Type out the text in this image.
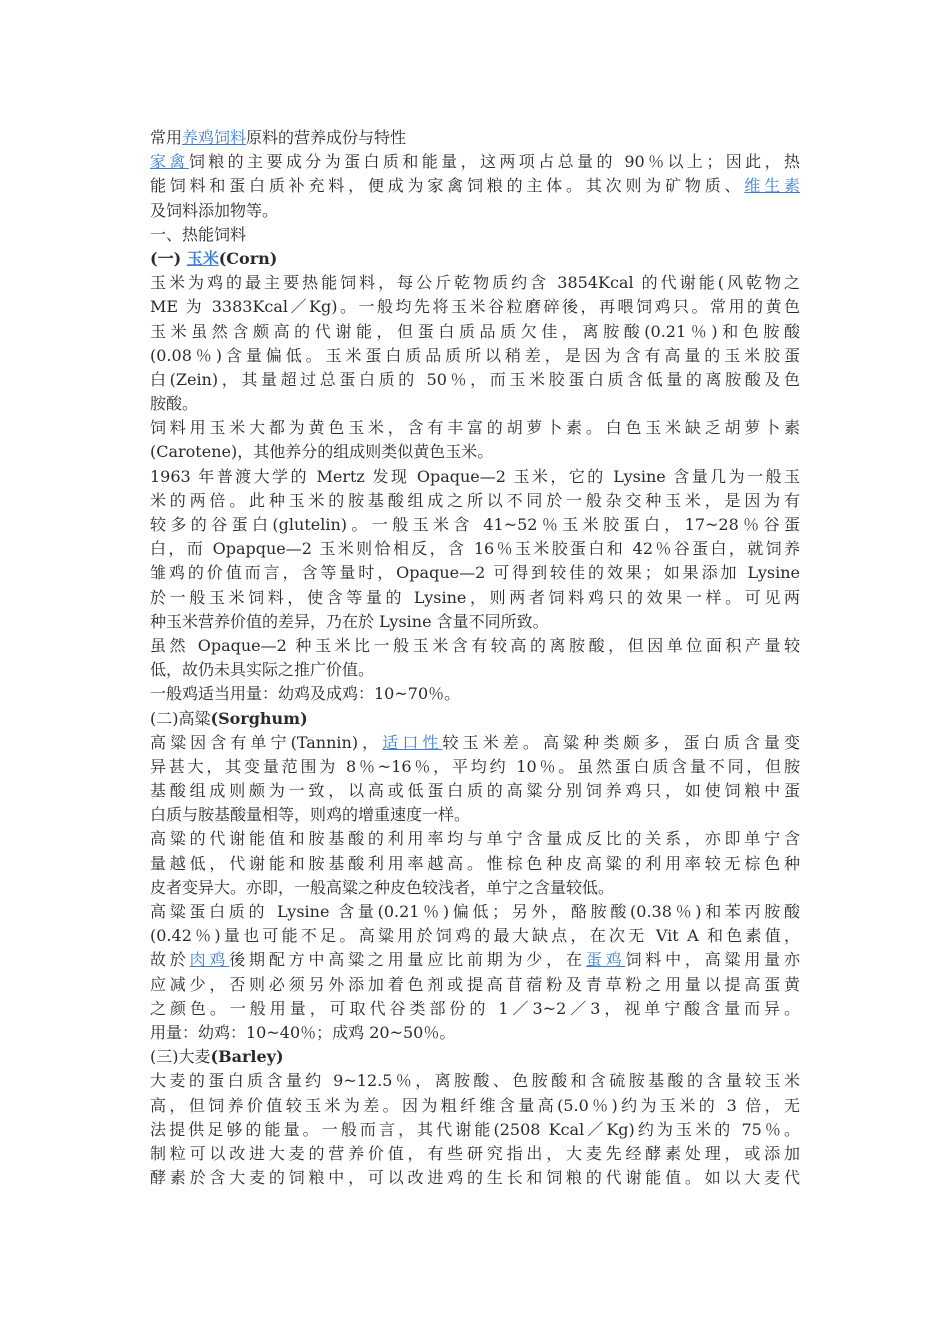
常用养鸡饲料原料的营养成份与特性
家禽饲粮的主要成分为蛋白质和能量，这两项占总量的 90％以上；因此，热
能饲料和蛋白质补充料，便成为家禽饲粮的主体。其次则为矿物质、维生素
及饲料添加物等。
一、热能饲料
(一) 玉米(Corn)
玉米为鸡的最主要热能饲料，每公斤乾物质约含 3854Kcal 的代谢能(风乾物之
ME 为 3383Kcal／Kg)。一般均先将玉米谷粒磨碎後，再喂饲鸡只。常用的黄色
玉米虽然含颇高的代谢能，但蛋白质品质欠佳，离胺酸(0.21％)和色胺酸
(0.08％)含量偏低。玉米蛋白质品质所以稍差，是因为含有高量的玉米胶蛋
白(Zein)，其量超过总蛋白质的 50％，而玉米胶蛋白质含低量的离胺酸及色
胺酸。
饲料用玉米大都为黄色玉米，含有丰富的胡萝卜素。白色玉米缺乏胡萝卜素
(Carotene)，其他养分的组成则类似黄色玉米。
1963 年普渡大学的 Mertz 发现 Opaque—2 玉米，它的 Lysine 含量几为一般玉
米的两倍。此种玉米的胺基酸组成之所以不同於一般杂交种玉米，是因为有
较多的谷蛋白(glutelin)。一般玉米含 41~52％玉米胶蛋白，17~28％谷蛋
白，而 Opapque—2 玉米则恰相反，含 16％玉米胶蛋白和 42％谷蛋白，就饲养
雏鸡的价值而言，含等量时，Opaque—2 可得到较佳的效果；如果添加 Lysine
於一般玉米饲料，使含等量的 Lysine，则两者饲料鸡只的效果一样。可见两
种玉米营养价值的差异，乃在於 Lysine 含量不同所致。
虽然 Opaque—2 种玉米比一般玉米含有较高的离胺酸，但因单位面积产量较
低，故仍未具实际之推广价值。
一般鸡适当用量：幼鸡及成鸡：10~70％。
(二)高粱(Sorghum)
高粱因含有单宁(Tannin)，适口性较玉米差。高粱种类颇多，蛋白质含量变
异甚大，其变量范围为 8％~16％，平均约 10％。虽然蛋白质含量不同，但胺
基酸组成则颇为一致，以高或低蛋白质的高粱分别饲养鸡只，如使饲粮中蛋
白质与胺基酸量相等，则鸡的增重速度一样。
高粱的代谢能值和胺基酸的利用率均与单宁含量成反比的关系，亦即单宁含
量越低，代谢能和胺基酸利用率越高。惟棕色种皮高粱的利用率较无棕色种
皮者变异大。亦即，一般高粱之种皮色较浅者，单宁之含量较低。
高粱蛋白质的 Lysine 含量(0.21％)偏低；另外，酪胺酸(0.38％)和苯丙胺酸
(0.42％)量也可能不足。高粱用於饲鸡的最大缺点，在次无 Vit A 和色素值，
故於肉鸡後期配方中高粱之用量应比前期为少，在蛋鸡饲料中，高粱用量亦
应减少，否则必须另外添加着色剂或提高苜蓿粉及青草粉之用量以提高蛋黄
之颜色。一般用量，可取代谷类部份的 1／3~2／3，视单宁酸含量而异。
用量：幼鸡：10~40％；成鸡 20~50％。
(三)大麦(Barley)
大麦的蛋白质含量约 9~12.5％，离胺酸、色胺酸和含硫胺基酸的含量较玉米
高，但饲养价值较玉米为差。因为粗纤维含量高(5.0％)约为玉米的 3 倍，无
法提供足够的能量。一般而言，其代谢能(2508 Kcal／Kg)约为玉米的 75％。
制粒可以改进大麦的营养价值，有些研究指出，大麦先经酵素处理，或添加
酵素於含大麦的饲粮中，可以改进鸡的生长和饲粮的代谢能值。如以大麦代
